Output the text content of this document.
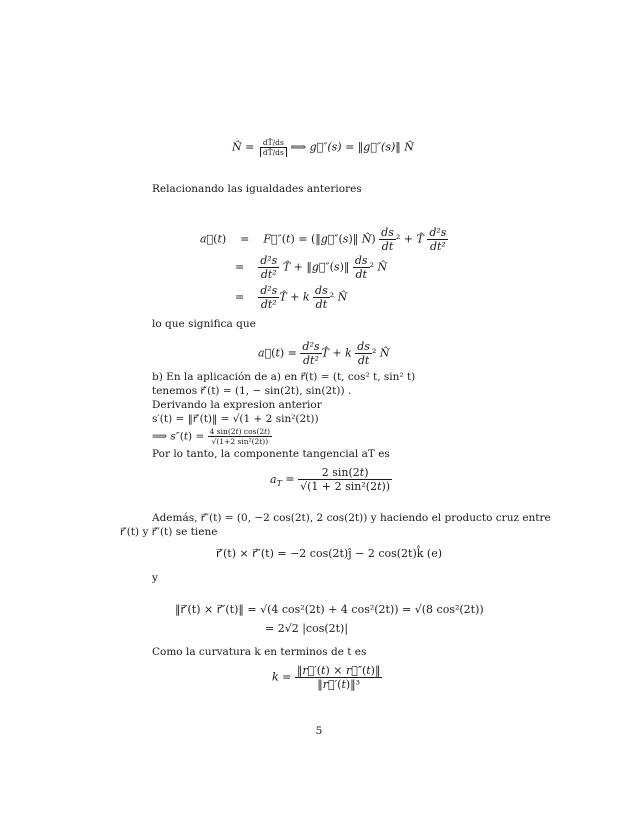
N̂ = $\frac{dT̂/ds}{dT̂/ds}$ ⟹ g⃗″(s) = ‖g⃗″(s)‖ N̂
Relacionando las igualdades anteriores
a⃗(t)    =    F⃗″(t) = (‖g⃗″(s)‖ N̂) $\frac{ds}{dt} ^2$ + T̂ $\frac{\text{d²s}}{\text{dt²}}$
= $\frac{\text{d²s}}{\text{dt²}}$ T̂ + ‖g⃗″(s)‖ $\frac{ds}{dt} ^2$ N̂
= $\frac{\text{d²s}}{\text{dt²}}$ T̂ + k $\frac{ds}{dt} ^2$ N̂
lo que significa que
a⃗(t) = $\frac{\text{d²s}}{\text{dt²}}$ T̂ + k $\frac{ds}{dt} ^2$ N̂
b) En la aplicación de a) en r⃗(t) = (t, cos² t, sin² t)
tenemos r⃗′(t) = (1, − sin(2t), sin(2t)) .
Derivando la expresion anterior
s′(t) = ‖r⃗′(t)‖ = √(1 + 2 sin²(2t))
⟹ $s''(t) = \frac{4 \sin(2t) \cos(2t)}{\text{√(1+2 sin²(2t))}}$
Por lo tanto, la componente tangencial aT es
$a_T = \frac{2 \sin(2t)}{\text{√(1 + 2 sin²(2t))}}$
Además, r⃗″(t) = (0, −2 cos(2t), 2 cos(2t)) y haciendo el producto cruz entre
r⃗′(t) y r⃗″(t) se tiene
r⃗′(t) × r⃗″(t) = −2 cos(2t)ĵ − 2 cos(2t)k̂ (e)
y
‖r⃗′(t) × r⃗″(t)‖ = √(4 cos²(2t) + 4 cos²(2t)) = √(8 cos²(2t))
= 2√2 |cos(2t)|
Como la curvatura k en terminos de t es
$k = \frac{‖r⃗'(t) \times r⃗''(t)‖}{\text{‖r⃗′(t)‖³}}$
5
